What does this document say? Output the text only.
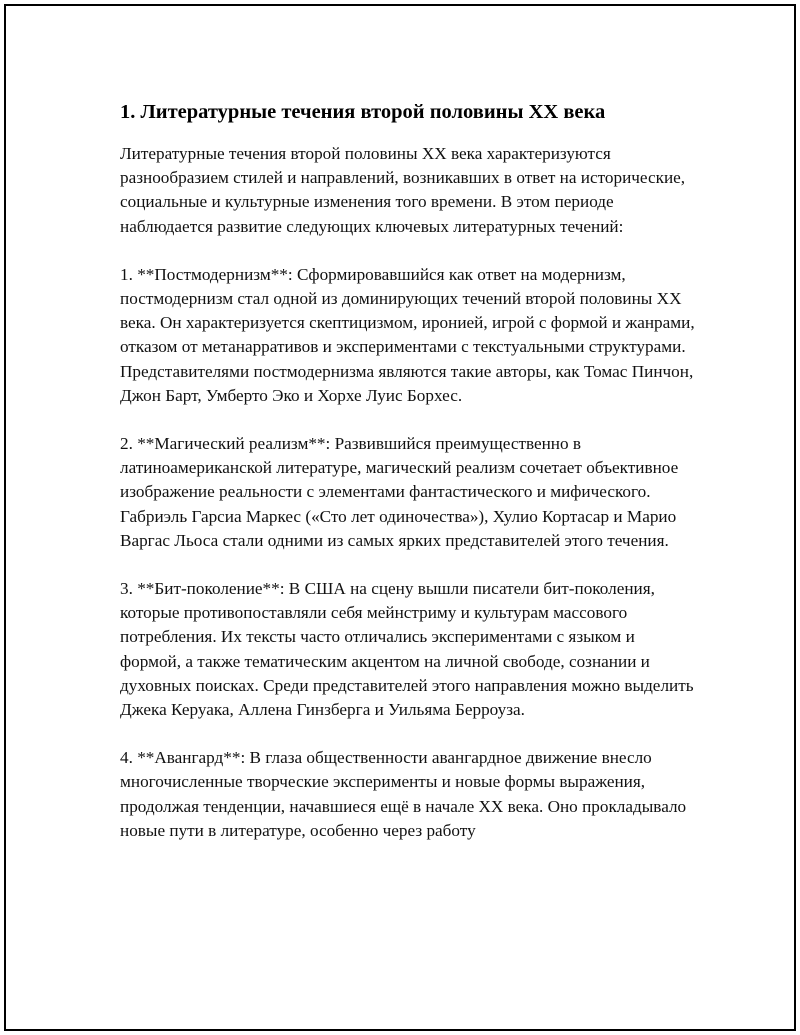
1. Литературные течения второй половины XX века

Литературные течения второй половины XX века характеризуются разнообразием стилей и направлений, возникавших в ответ на исторические, социальные и культурные изменения того времени. В этом периоде наблюдается развитие следующих ключевых литературных течений:

1. **Постмодернизм**: Сформировавшийся как ответ на модернизм, постмодернизм стал одной из доминирующих течений второй половины XX века. Он характеризуется скептицизмом, иронией, игрой с формой и жанрами, отказом от метанарративов и экспериментами с текстуальными структурами. Представителями постмодернизма являются такие авторы, как Томас Пинчон, Джон Барт, Умберто Эко и Хорхе Луис Борхес.

2. **Магический реализм**: Развившийся преимущественно в латиноамериканской литературе, магический реализм сочетает объективное изображение реальности с элементами фантастического и мифического. Габриэль Гарсиа Маркес («Сто лет одиночества»), Хулио Кортасар и Марио Варгас Льоса стали одними из самых ярких представителей этого течения.

3. **Бит-поколение**: В США на сцену вышли писатели бит-поколения, которые противопоставляли себя мейнстриму и культурам массового потребления. Их тексты часто отличались экспериментами с языком и формой, а также тематическим акцентом на личной свободе, сознании и духовных поисках. Среди представителей этого направления можно выделить Джека Керуака, Аллена Гинзберга и Уильяма Берроуза.

4. **Авангард**: В глаза общественности авангардное движение внесло многочисленные творческие эксперименты и новые формы выражения, продолжая тенденции, начавшиеся ещё в начале XX века. Оно прокладывало новые пути в литературе, особенно через работу
